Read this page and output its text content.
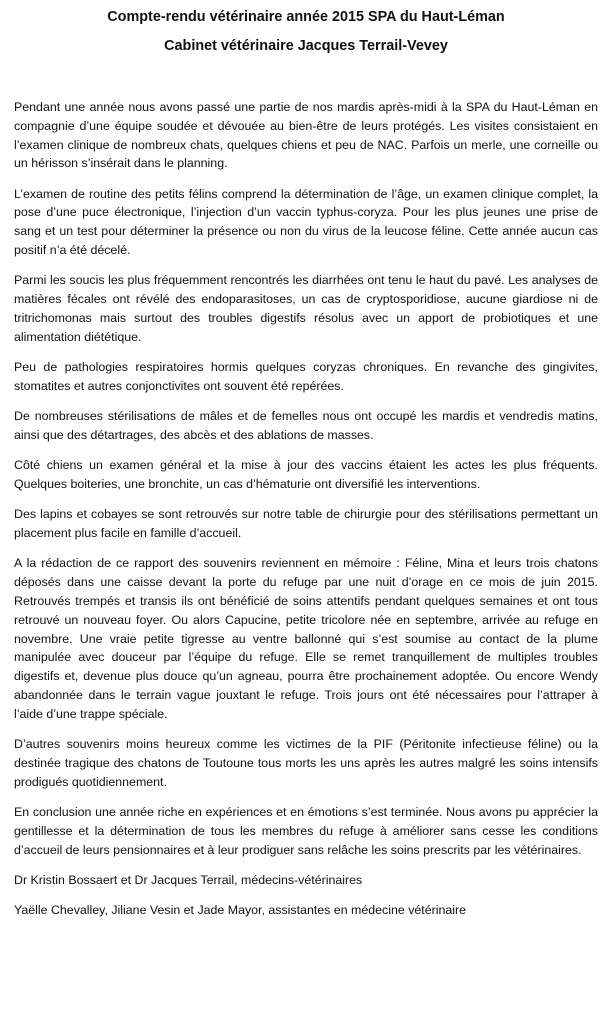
Compte-rendu vétérinaire année 2015 SPA du Haut-Léman
Cabinet vétérinaire Jacques Terrail-Vevey

Pendant une année nous avons passé une partie de nos mardis après-midi à la SPA du Haut-Léman en compagnie d’une équipe soudée et dévouée au bien-être de leurs protégés. Les visites consistaient en l’examen clinique de nombreux chats, quelques chiens et peu de NAC. Parfois un merle, une corneille ou un hérisson s’insérait dans le planning.

L’examen de routine des petits félins comprend la détermination de l’âge, un examen clinique complet, la pose d’une puce électronique, l’injection d’un vaccin typhus-coryza. Pour les plus jeunes une prise de sang et un test pour déterminer la présence ou non du virus de la leucose féline. Cette année aucun cas positif n’a été décelé.

Parmi les soucis les plus fréquemment rencontrés les diarrhées ont tenu le haut du pavé. Les analyses de matières fécales ont révélé des endoparasitoses, un cas de cryptosporidiose, aucune giardiose ni de tritrichomonas mais surtout des troubles digestifs résolus avec un apport de probiotiques et une alimentation diététique.

Peu de pathologies respiratoires hormis quelques coryzas chroniques. En revanche des gingivites, stomatites et autres conjonctivites ont souvent été repérées.

De nombreuses stérilisations de mâles et de femelles nous ont occupé les mardis et vendredis matins, ainsi que des détartrages, des abcès et des ablations de masses.

Côté chiens un examen général et la mise à jour des vaccins étaient les actes les plus fréquents. Quelques boiteries, une bronchite, un cas d’hématurie ont diversifié les interventions.

Des lapins et cobayes se sont retrouvés sur notre table de chirurgie pour des stérilisations permettant un placement plus facile en famille d’accueil.

A la rédaction de ce rapport des souvenirs reviennent en mémoire : Féline, Mina et leurs trois chatons déposés dans une caisse devant la porte du refuge par une nuit d’orage en ce mois de juin 2015. Retrouvés trempés et transis ils ont bénéficié de soins attentifs pendant quelques semaines et ont tous retrouvé un nouveau foyer. Ou alors Capucine, petite tricolore née en septembre, arrivée au refuge en novembre. Une vraie petite tigresse au ventre ballonné qui s’est soumise au contact de la plume manipulée avec douceur par l’équipe du refuge. Elle se remet tranquillement de multiples troubles digestifs et, devenue plus douce qu’un agneau, pourra être prochainement adoptée. Ou encore Wendy abandonnée dans le terrain vague jouxtant le refuge. Trois jours ont été nécessaires pour l’attraper à l’aide d’une trappe spéciale.

D’autres souvenirs moins heureux comme les victimes de la PIF (Péritonite infectieuse féline) ou la destinée tragique des chatons de Toutoune tous morts les uns après les autres malgré les soins intensifs prodigués quotidiennement.

En conclusion une année riche en expériences et en émotions s’est terminée. Nous avons pu apprécier la gentillesse et la détermination de tous les membres du refuge à améliorer sans cesse les conditions d’accueil de leurs pensionnaires et à leur prodiguer sans relâche les soins prescrits par les vétérinaires.

Dr Kristin Bossaert et Dr Jacques Terrail, médecins-vétérinaires

Yaëlle Chevalley, Jiliane Vesin et Jade Mayor, assistantes en médecine vétérinaire
